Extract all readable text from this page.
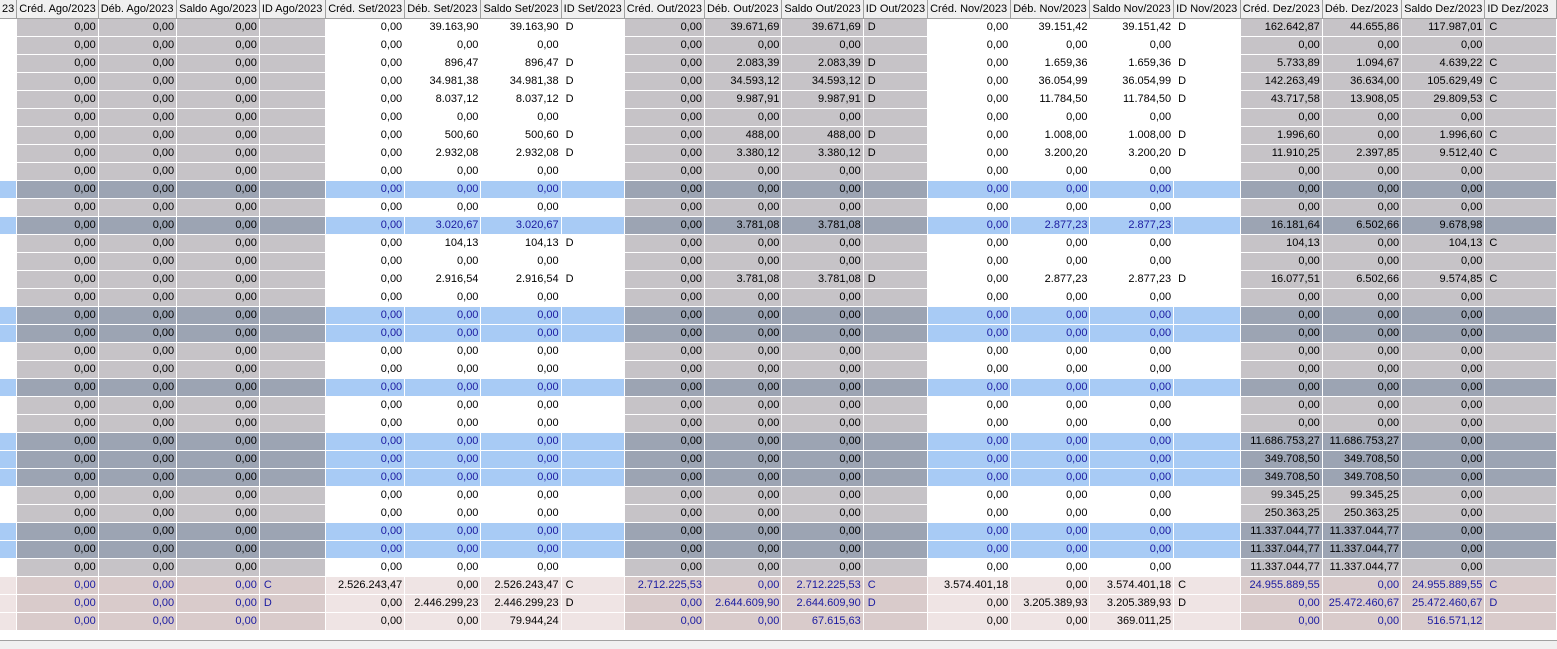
23	Créd. Ago/2023	Déb. Ago/2023	Saldo Ago/2023	ID Ago/2023	Créd. Set/2023	Déb. Set/2023	Saldo Set/2023	ID Set/2023	Créd. Out/2023	Déb. Out/2023	Saldo Out/2023	ID Out/2023	Créd. Nov/2023	Déb. Nov/2023	Saldo Nov/2023	ID Nov/2023	Créd. Dez/2023	Déb. Dez/2023	Saldo Dez/2023	ID Dez/2023
	0,00	0,00	0,00		0,00	39.163,90	39.163,90	D	0,00	39.671,69	39.671,69	D	0,00	39.151,42	39.151,42	D	162.642,87	44.655,86	117.987,01	C
	0,00	0,00	0,00		0,00	0,00	0,00		0,00	0,00	0,00		0,00	0,00	0,00		0,00	0,00	0,00	
	0,00	0,00	0,00		0,00	896,47	896,47	D	0,00	2.083,39	2.083,39	D	0,00	1.659,36	1.659,36	D	5.733,89	1.094,67	4.639,22	C
	0,00	0,00	0,00		0,00	34.981,38	34.981,38	D	0,00	34.593,12	34.593,12	D	0,00	36.054,99	36.054,99	D	142.263,49	36.634,00	105.629,49	C
	0,00	0,00	0,00		0,00	8.037,12	8.037,12	D	0,00	9.987,91	9.987,91	D	0,00	11.784,50	11.784,50	D	43.717,58	13.908,05	29.809,53	C
	0,00	0,00	0,00		0,00	0,00	0,00		0,00	0,00	0,00		0,00	0,00	0,00		0,00	0,00	0,00	
	0,00	0,00	0,00		0,00	500,60	500,60	D	0,00	488,00	488,00	D	0,00	1.008,00	1.008,00	D	1.996,60	0,00	1.996,60	C
	0,00	0,00	0,00		0,00	2.932,08	2.932,08	D	0,00	3.380,12	3.380,12	D	0,00	3.200,20	3.200,20	D	11.910,25	2.397,85	9.512,40	C
	0,00	0,00	0,00		0,00	0,00	0,00		0,00	0,00	0,00		0,00	0,00	0,00		0,00	0,00	0,00	
	0,00	0,00	0,00		0,00	0,00	0,00		0,00	0,00	0,00		0,00	0,00	0,00		0,00	0,00	0,00	
	0,00	0,00	0,00		0,00	0,00	0,00		0,00	0,00	0,00		0,00	0,00	0,00		0,00	0,00	0,00	
	0,00	0,00	0,00		0,00	3.020,67	3.020,67		0,00	3.781,08	3.781,08		0,00	2.877,23	2.877,23		16.181,64	6.502,66	9.678,98	
	0,00	0,00	0,00		0,00	104,13	104,13	D	0,00	0,00	0,00		0,00	0,00	0,00		104,13	0,00	104,13	C
	0,00	0,00	0,00		0,00	0,00	0,00		0,00	0,00	0,00		0,00	0,00	0,00		0,00	0,00	0,00	
	0,00	0,00	0,00		0,00	2.916,54	2.916,54	D	0,00	3.781,08	3.781,08	D	0,00	2.877,23	2.877,23	D	16.077,51	6.502,66	9.574,85	C
	0,00	0,00	0,00		0,00	0,00	0,00		0,00	0,00	0,00		0,00	0,00	0,00		0,00	0,00	0,00	
	0,00	0,00	0,00		0,00	0,00	0,00		0,00	0,00	0,00		0,00	0,00	0,00		0,00	0,00	0,00	
	0,00	0,00	0,00		0,00	0,00	0,00		0,00	0,00	0,00		0,00	0,00	0,00		0,00	0,00	0,00	
	0,00	0,00	0,00		0,00	0,00	0,00		0,00	0,00	0,00		0,00	0,00	0,00		0,00	0,00	0,00	
	0,00	0,00	0,00		0,00	0,00	0,00		0,00	0,00	0,00		0,00	0,00	0,00		0,00	0,00	0,00	
	0,00	0,00	0,00		0,00	0,00	0,00		0,00	0,00	0,00		0,00	0,00	0,00		0,00	0,00	0,00	
	0,00	0,00	0,00		0,00	0,00	0,00		0,00	0,00	0,00		0,00	0,00	0,00		0,00	0,00	0,00	
	0,00	0,00	0,00		0,00	0,00	0,00		0,00	0,00	0,00		0,00	0,00	0,00		0,00	0,00	0,00	
	0,00	0,00	0,00		0,00	0,00	0,00		0,00	0,00	0,00		0,00	0,00	0,00		11.686.753,27	11.686.753,27	0,00	
	0,00	0,00	0,00		0,00	0,00	0,00		0,00	0,00	0,00		0,00	0,00	0,00		349.708,50	349.708,50	0,00	
	0,00	0,00	0,00		0,00	0,00	0,00		0,00	0,00	0,00		0,00	0,00	0,00		349.708,50	349.708,50	0,00	
	0,00	0,00	0,00		0,00	0,00	0,00		0,00	0,00	0,00		0,00	0,00	0,00		99.345,25	99.345,25	0,00	
	0,00	0,00	0,00		0,00	0,00	0,00		0,00	0,00	0,00		0,00	0,00	0,00		250.363,25	250.363,25	0,00	
	0,00	0,00	0,00		0,00	0,00	0,00		0,00	0,00	0,00		0,00	0,00	0,00		11.337.044,77	11.337.044,77	0,00	
	0,00	0,00	0,00		0,00	0,00	0,00		0,00	0,00	0,00		0,00	0,00	0,00		11.337.044,77	11.337.044,77	0,00	
	0,00	0,00	0,00		0,00	0,00	0,00		0,00	0,00	0,00		0,00	0,00	0,00		11.337.044,77	11.337.044,77	0,00	
	0,00	0,00	0,00	C	2.526.243,47	0,00	2.526.243,47	C	2.712.225,53	0,00	2.712.225,53	C	3.574.401,18	0,00	3.574.401,18	C	24.955.889,55	0,00	24.955.889,55	C
	0,00	0,00	0,00	D	0,00	2.446.299,23	2.446.299,23	D	0,00	2.644.609,90	2.644.609,90	D	0,00	3.205.389,93	3.205.389,93	D	0,00	25.472.460,67	25.472.460,67	D
	0,00	0,00	0,00		0,00	0,00	79.944,24		0,00	0,00	67.615,63		0,00	0,00	369.011,25		0,00	0,00	516.571,12	
